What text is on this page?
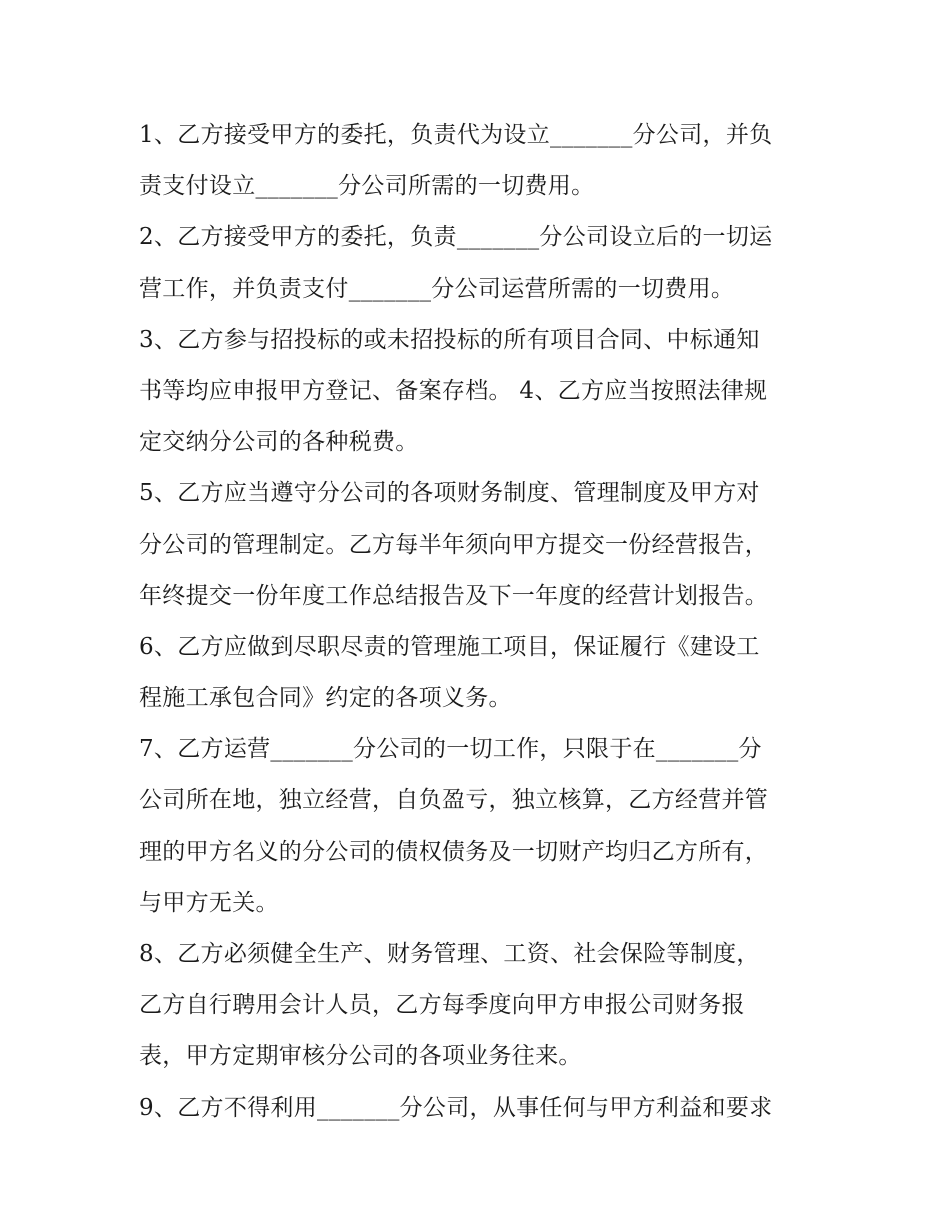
1、乙方接受甲方的委托，负责代为设立_______分公司，并负
责支付设立_______分公司所需的一切费用。
2、乙方接受甲方的委托，负责_______分公司设立后的一切运
营工作，并负责支付_______分公司运营所需的一切费用。
3、乙方参与招投标的或未招投标的所有项目合同、中标通知
书等均应申报甲方登记、备案存档。 4、乙方应当按照法律规
定交纳分公司的各种税费。
5、乙方应当遵守分公司的各项财务制度、管理制度及甲方对
分公司的管理制定。乙方每半年须向甲方提交一份经营报告，
年终提交一份年度工作总结报告及下一年度的经营计划报告。
6、乙方应做到尽职尽责的管理施工项目，保证履行《建设工
程施工承包合同》约定的各项义务。
7、乙方运营_______分公司的一切工作，只限于在_______分
公司所在地，独立经营，自负盈亏，独立核算，乙方经营并管
理的甲方名义的分公司的债权债务及一切财产均归乙方所有，
与甲方无关。
8、乙方必须健全生产、财务管理、工资、社会保险等制度，
乙方自行聘用会计人员，乙方每季度向甲方申报公司财务报
表，甲方定期审核分公司的各项业务往来。
9、乙方不得利用_______分公司，从事任何与甲方利益和要求
